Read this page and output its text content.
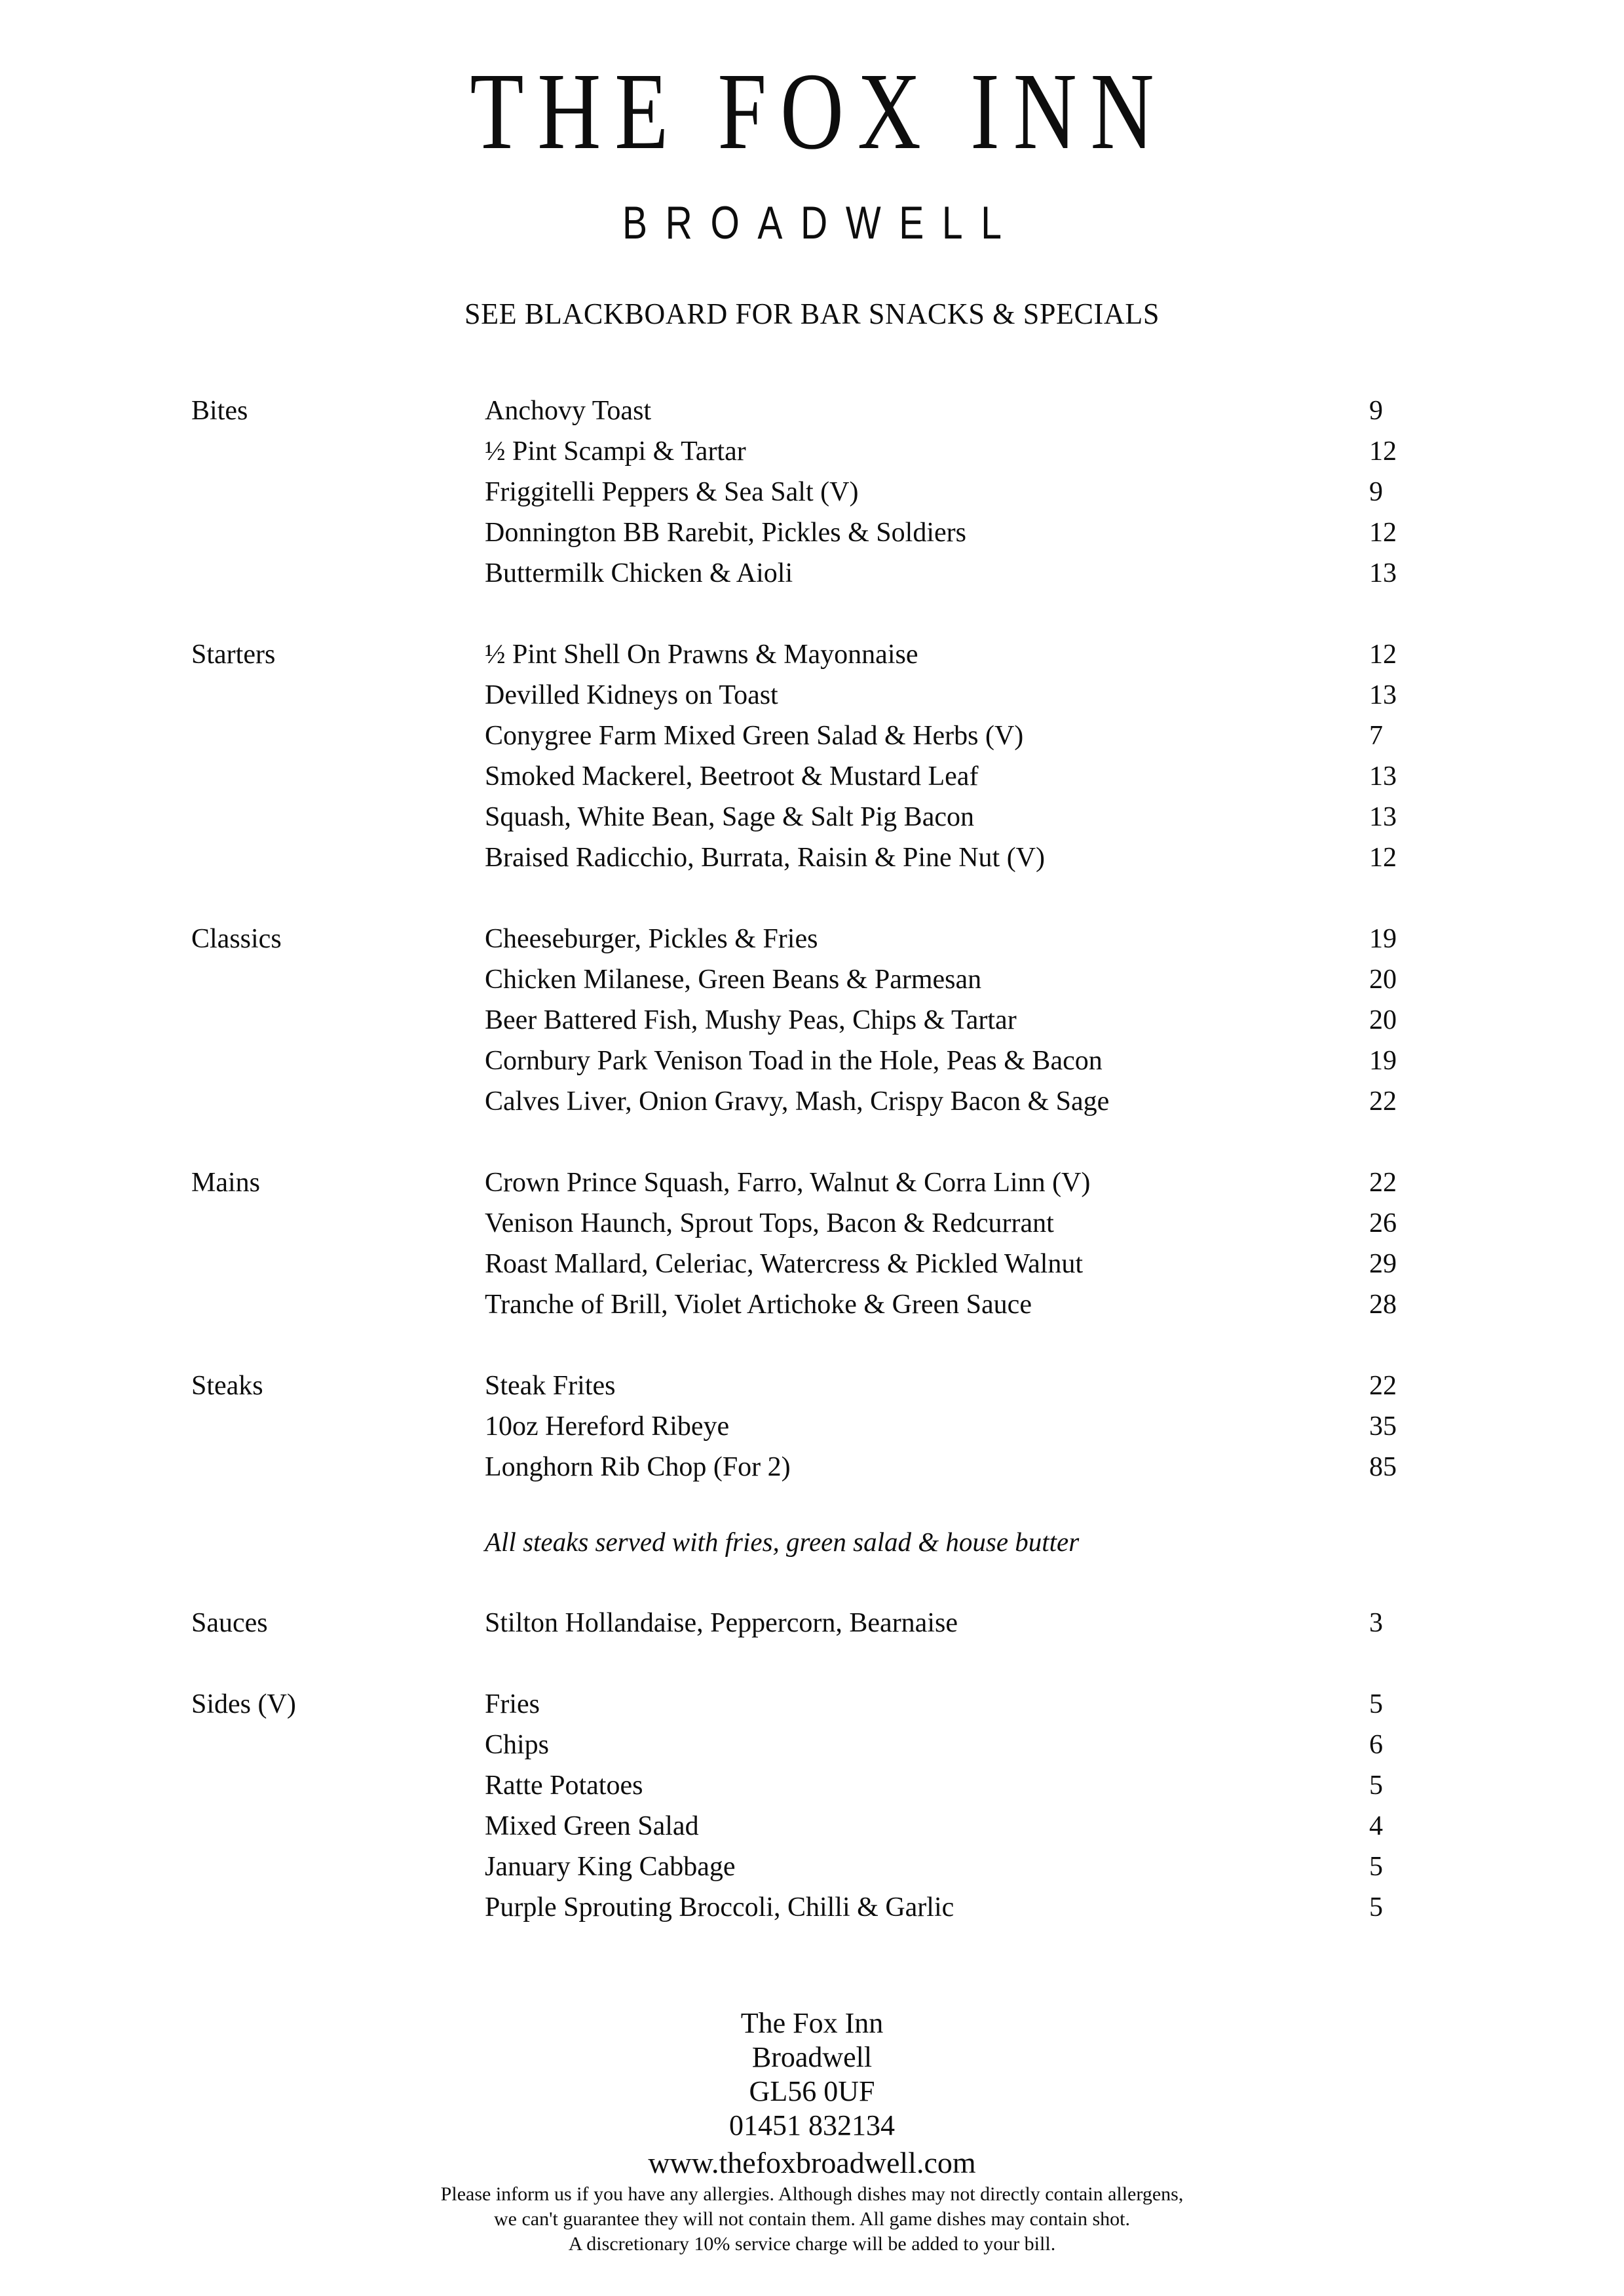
THE FOX INN
BROADWELL
SEE BLACKBOARD FOR BAR SNACKS & SPECIALS
Bites	Anchovy Toast	9
½ Pint Scampi & Tartar	12
Friggitelli Peppers & Sea Salt (V)	9
Donnington BB Rarebit, Pickles & Soldiers	12
Buttermilk Chicken & Aioli	13
Starters	½ Pint Shell On Prawns & Mayonnaise	12
Devilled Kidneys on Toast	13
Conygree Farm Mixed Green Salad & Herbs (V)	7
Smoked Mackerel, Beetroot & Mustard Leaf	13
Squash, White Bean, Sage & Salt Pig Bacon	13
Braised Radicchio, Burrata, Raisin & Pine Nut (V)	12
Classics	Cheeseburger, Pickles & Fries	19
Chicken Milanese, Green Beans & Parmesan	20
Beer Battered Fish, Mushy Peas, Chips & Tartar	20
Cornbury Park Venison Toad in the Hole, Peas & Bacon	19
Calves Liver, Onion Gravy, Mash, Crispy Bacon & Sage	22
Mains	Crown Prince Squash, Farro, Walnut & Corra Linn (V)	22
Venison Haunch, Sprout Tops, Bacon & Redcurrant	26
Roast Mallard, Celeriac, Watercress & Pickled Walnut	29
Tranche of Brill, Violet Artichoke & Green Sauce	28
Steaks	Steak Frites	22
10oz Hereford Ribeye	35
Longhorn Rib Chop (For 2)	85
All steaks served with fries, green salad & house butter
Sauces	Stilton Hollandaise, Peppercorn, Bearnaise	3
Sides (V)	Fries	5
Chips	6
Ratte Potatoes	5
Mixed Green Salad	4
January King Cabbage	5
Purple Sprouting Broccoli, Chilli & Garlic	5
The Fox Inn
Broadwell
GL56 0UF
01451 832134
www.thefoxbroadwell.com
Please inform us if you have any allergies. Although dishes may not directly contain allergens,
we can't guarantee they will not contain them. All game dishes may contain shot.
A discretionary 10% service charge will be added to your bill.
